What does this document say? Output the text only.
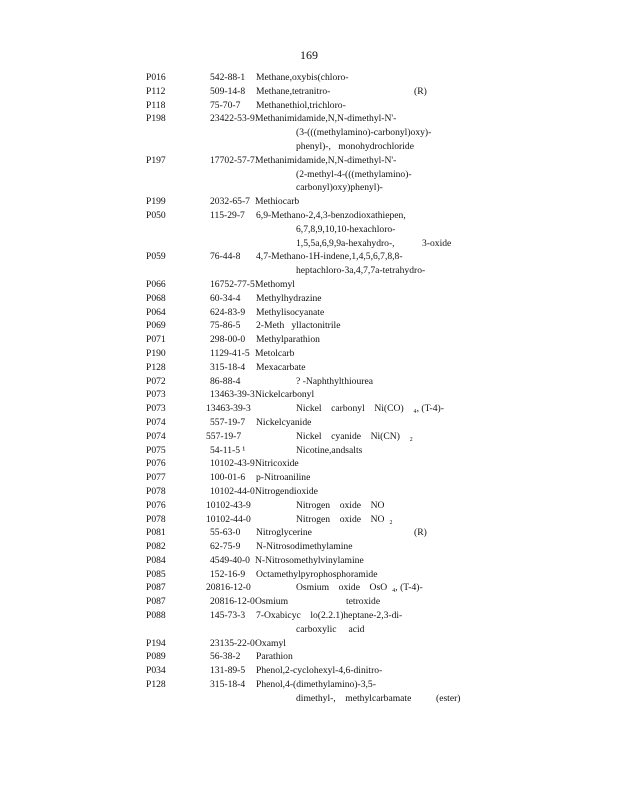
169
P016	542-88-1 Methane,oxybis(chloro-
P112	509-14-8 Methane,tetranitro-	(R)
P118	75-70-7 Methanethiol,trichloro-
P198	23422-53-9 Methanimidamide,N,N-dimethyl-N'-
(3-(((methylamino)-carbonyl)oxy)-
phenyl)-, monohydrochloride
P197	17702-57-7 Methanimidamide,N,N-dimethyl-N'-
(2-methyl-4-(((methylamino)-
carbonyl)oxy)phenyl)-
P199	2032-65-7 Methiocarb
P050	115-29-7 6,9-Methano-2,4,3-benzodioxathiepen,
6,7,8,9,10,10-hexachloro-
1,5,5a,6,9,9a-hexahydro-,	3-oxide
P059	76-44-8 4,7-Methano-1H-indene,1,4,5,6,7,8,8-
heptachloro-3a,4,7,7a-tetrahydro-
P066	16752-77-5 Methomyl
P068	60-34-4 Methylhydrazine
P064	624-83-9 Methylisocyanate
P069	75-86-5 2-Meth   yllactonitrile
P071	298-00-0 Methylparathion
P190	1129-41-5 Metolcarb
P128	315-18-4 Mexacarbate
P072	86-88-4	? -Naphthylthiourea
P073	13463-39-3 Nickelcarbonyl
P073	13463-39-3	Nickel    carbonyl    Ni(CO)    ₄, (T-4)-
P074	557-19-7 Nickelcyanide
P074	557-19-7	Nickel    cyanide    Ni(CN)    ₂
P075	54-11-5 ¹	Nicotine,andsalts
P076	10102-43-9 Nitricoxide
P077	100-01-6 p-Nitroaniline
P078	10102-44-0 Nitrogendioxide
P076	10102-43-9	Nitrogen    oxide    NO
P078	10102-44-0	Nitrogen    oxide    NO  ₂
P081	55-63-0 Nitroglycerine	(R)
P082	62-75-9 N-Nitrosodimethylamine
P084	4549-40-0 N-Nitrosomethylvinylamine
P085	152-16-9 Octamethylpyrophosphoramide
P087	20816-12-0	Osmium    oxide    OsO  ₄, (T-4)-
P087	20816-12-0 Osmium	tetroxide
P088	145-73-3 7-Oxabicyc    lo(2.2.1)heptane-2,3-di-
carboxylic     acid
P194	23135-22-0 Oxamyl
P089	56-38-2 Parathion
P034	131-89-5 Phenol,2-cyclohexyl-4,6-dinitro-
P128	315-18-4 Phenol,4-(dimethylamino)-3,5-
dimethyl-,    methylcarbamate	(ester)
